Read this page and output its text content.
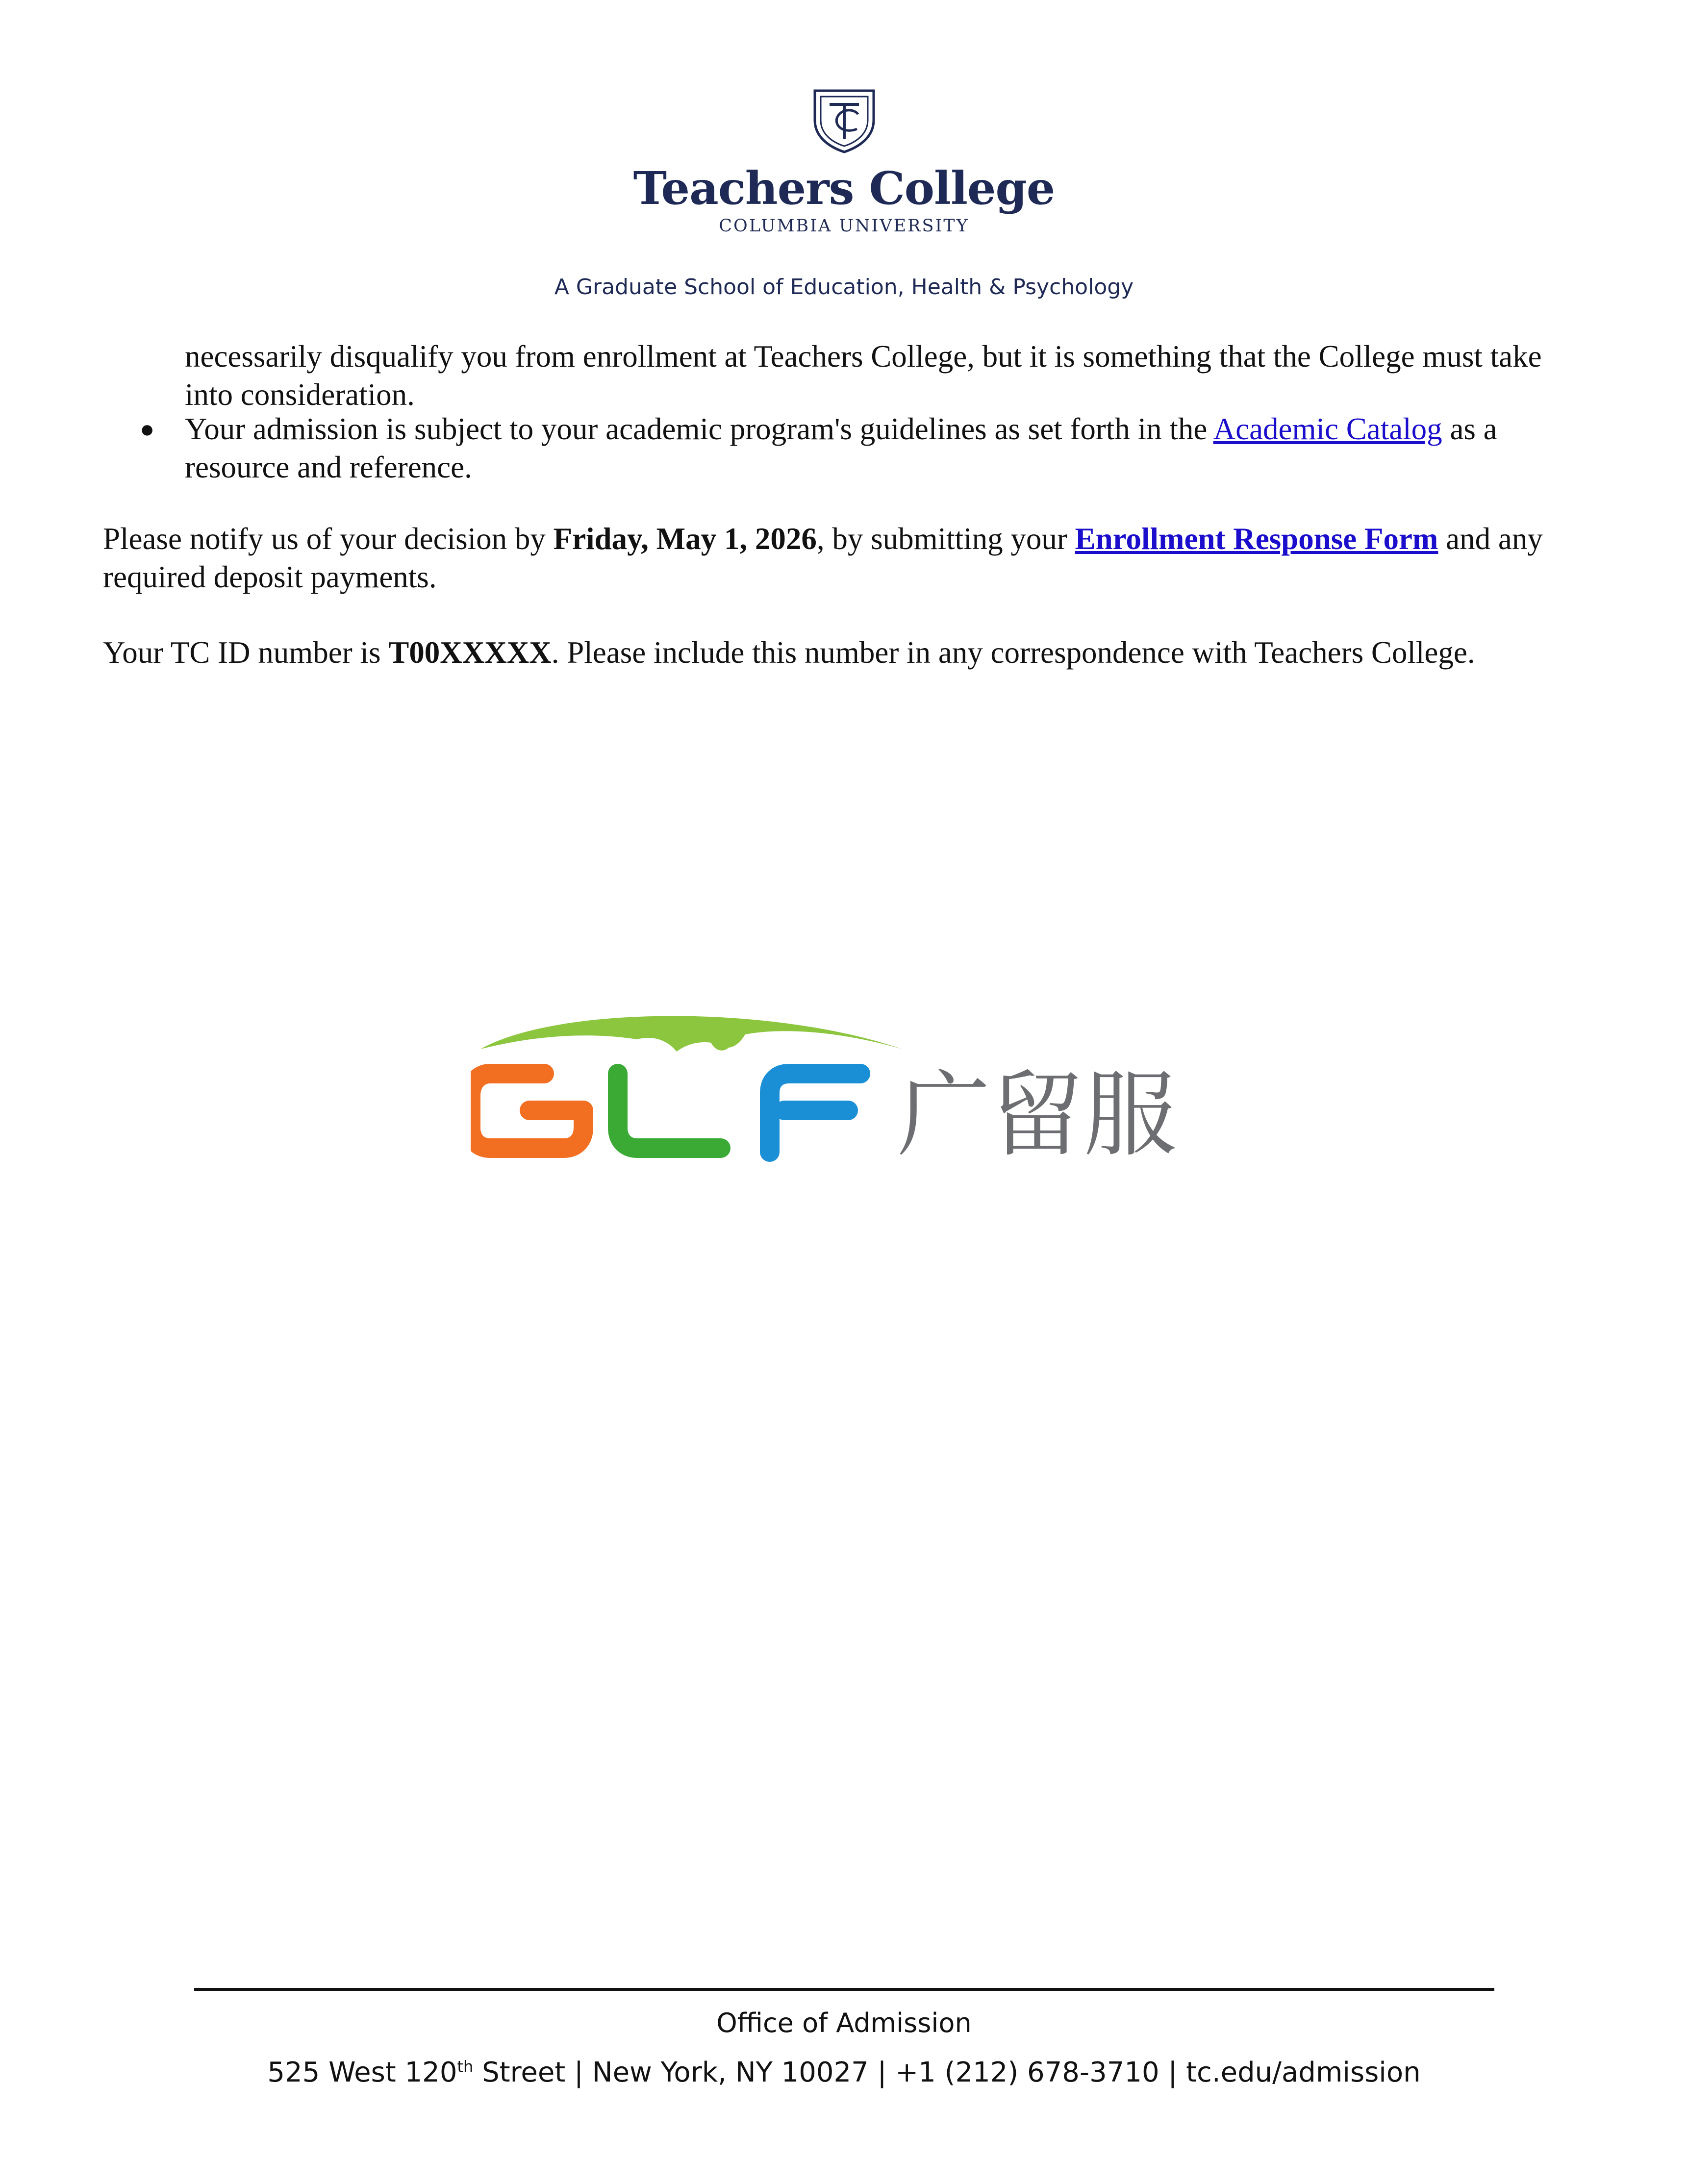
Teachers College
COLUMBIA UNIVERSITY
A Graduate School of Education, Health & Psychology
necessarily disqualify you from enrollment at Teachers College, but it is something that the College must take into consideration.
● Your admission is subject to your academic program's guidelines as set forth in the Academic Catalog as a resource and reference.
Please notify us of your decision by Friday, May 1, 2026, by submitting your Enrollment Response Form and any required deposit payments.
Your TC ID number is T00XXXXX. Please include this number in any correspondence with Teachers College.
广留服
Office of Admission
525 West 120th Street | New York, NY 10027 | +1 (212) 678-3710 | tc.edu/admission
